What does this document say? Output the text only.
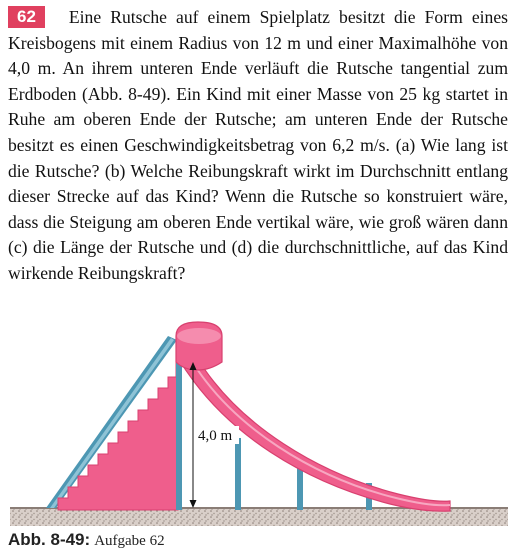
62 Eine Rutsche auf einem Spielplatz besitzt die Form eines Kreisbogens mit einem Radius von 12 m und einer Maximalhöhe von 4,0 m. An ihrem unteren Ende verläuft die Rutsche tangential zum Erdboden (Abb. 8-49). Ein Kind mit einer Masse von 25 kg startet in Ruhe am oberen Ende der Rutsche; am unteren Ende der Rutsche besitzt es einen Geschwindigkeitsbetrag von 6,2 m/s. (a) Wie lang ist die Rutsche? (b) Welche Reibungskraft wirkt im Durchschnitt entlang dieser Strecke auf das Kind? Wenn die Rutsche so konstruiert wäre, dass die Steigung am oberen Ende vertikal wäre, wie groß wären dann (c) die Länge der Rutsche und (d) die durchschnittliche, auf das Kind wirkende Reibungskraft?
4,0 m
Abb. 8-49: Aufgabe 62
